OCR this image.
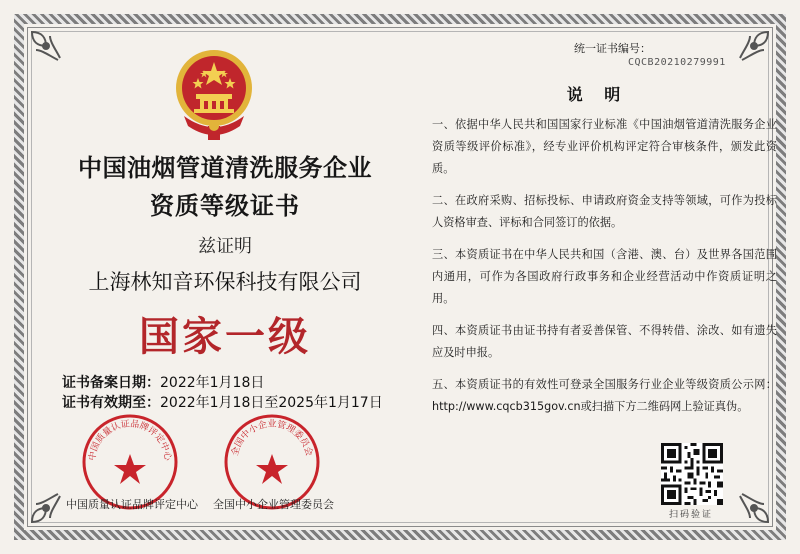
中国油烟管道清洗服务企业
资质等级证书
兹证明
上海林知音环保科技有限公司
国家一级
证书备案日期：2022年1月18日
证书有效期至：2022年1月18日至2025年1月17日
中国质量认证品牌评定中心	全国中小企业管理委员会
中国质量认证品牌评定中心 全国中小企业管理委员会
统一证书编号：
CQCB20210279991
说 明
一、依据中华人民共和国国家行业标准《中国油烟管道清洗服务企业资质等级评价标准》，经专业评价机构评定符合审核条件，颁发此资质。
二、在政府采购、招标投标、申请政府资金支持等领域，可作为投标人资格审查、评标和合同签订的依据。
三、本资质证书在中华人民共和国（含港、澳、台）及世界各国范围内通用，可作为各国政府行政事务和企业经营活动中作资质证明之用。
四、本资质证书由证书持有者妥善保管、不得转借、涂改、如有遗失应及时申报。
五、本资质证书的有效性可登录全国服务行业企业等级资质公示网：http://www.cqcb315gov.cn或扫描下方二维码网上验证真伪。
扫码验证
